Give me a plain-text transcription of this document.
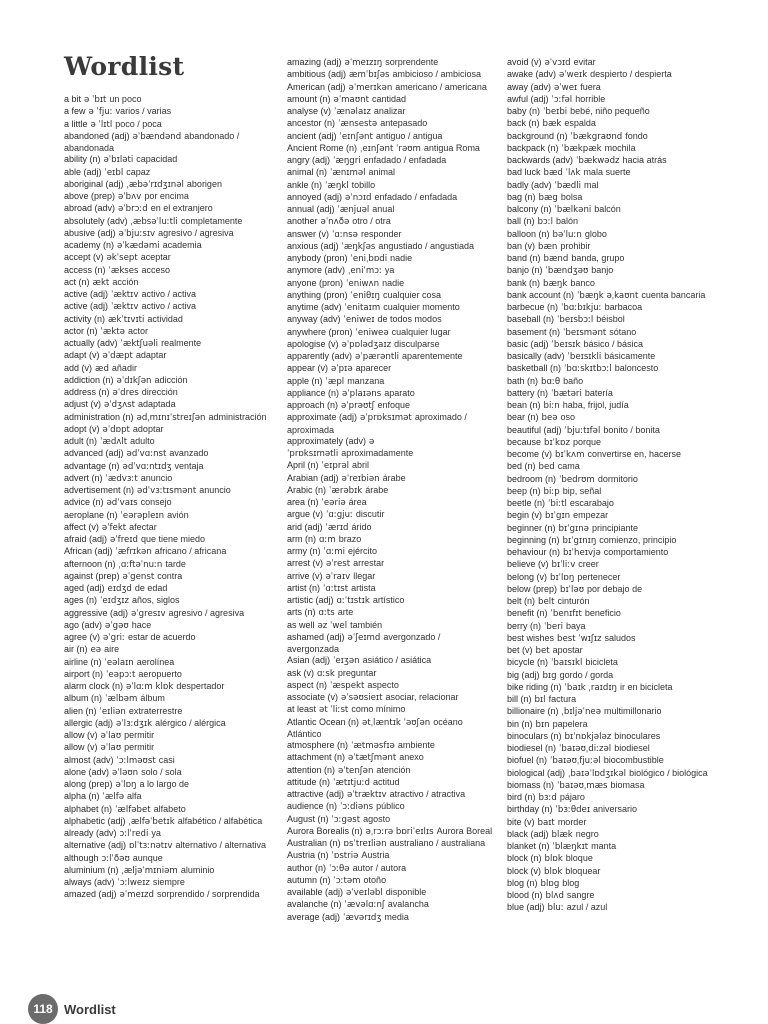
Wordlist
a bit ə ˈbɪt un poco
a few ə ˈfjuː varios / varias
a little ə ˈlɪtl poco / poca
abandoned (adj) əˈbændənd abandonado / abandonada
ability (n) əˈbɪləti capacidad
able (adj) ˈeɪbl capaz
aboriginal (adj) ˌæbəˈrɪdʒɪnəl aborigen
above (prep) əˈbʌv por encima
abroad (adv) əˈbrɔːd en el extranjero
absolutely (adv) ˌæbsəˈluːtli completamente
abusive (adj) əˈbjuːsɪv agresivo / agresiva
academy (n) əˈkædəmi academia
accept (v) əkˈsept aceptar
access (n) ˈækses acceso
act (n) ækt acción
active (adj) ˈæktɪv activo / activa
active (adj) ˈæktɪv activo / activa
activity (n) ækˈtɪvɪti actividad
actor (n) ˈæktə actor
actually (adv) ˈæktʃuəli realmente
adapt (v) əˈdæpt adaptar
add (v) æd añadir
addiction (n) əˈdɪkʃən adicción
address (n) əˈdres dirección
adjust (v) əˈdʒʌst adaptada
administration (n) ədˌmɪnɪˈstreɪʃən administración
adopt (v) əˈdɒpt adoptar
adult (n) ˈædʌlt adulto
advanced (adj) ədˈvɑːnst avanzado
advantage (n) ədˈvɑːntɪdʒ ventaja
advert (n) ˈædvɜːt anuncio
advertisement (n) ədˈvɜːtɪsmənt anuncio
advice (n) ədˈvaɪs consejo
aeroplane (n) ˈeərəpleɪn avión
affect (v) əˈfekt afectar
afraid (adj) əˈfreɪd que tiene miedo
African (adj) ˈæfrɪkən africano / africana
afternoon (n) ˌɑːftəˈnuːn tarde
against (prep) əˈgenst contra
aged (adj) eɪdʒd de edad
ages (n) ˈeɪdʒɪz años, siglos
aggressive (adj) əˈgresɪv agresivo / agresiva
ago (adv) əˈgəʊ hace
agree (v) əˈgriː estar de acuerdo
air (n) eə aire
airline (n) ˈeəlaɪn aerolínea
airport (n) ˈeəpɔːt aeropuerto
alarm clock (n) əˈlɑːm klɒk despertador
album (n) ˈælbəm álbum
alien (n) ˈeɪliən extraterrestre
allergic (adj) əˈlɜːdʒɪk alérgico / alérgica
allow (v) əˈlaʊ permitir
allow (v) əˈlaʊ permitir
almost (adv) ˈɔːlməʊst casi
alone (adv) əˈləʊn solo / sola
along (prep) əˈlɒŋ a lo largo de
alpha (n) ˈælfə alfa
alphabet (n) ˈælfəbet alfabeto
alphabetic (adj) ˌælfəˈbetɪk alfabético / alfabética
already (adv) ɔːlˈredi ya
alternative (adj) ɒlˈtɜːnətɪv alternativo / alternativa
although ɔːlˈðəʊ aunque
aluminium (n) ˌæljəˈmɪniəm aluminio
always (adv) ˈɔːlweɪz siempre
amazed (adj) əˈmeɪzd sorprendido / sorprendida
amazing (adj) əˈmeɪzɪŋ sorprendente
ambitious (adj) æmˈbɪʃəs ambicioso / ambiciosa
American (adj) əˈmerɪkən americano / americana
amount (n) əˈmaʊnt cantidad
analyse (v) ˈænəlaɪz analizar
ancestor (n) ˈænsestə antepasado
ancient (adj) ˈeɪnʃənt antiguo / antigua
Ancient Rome (n) ˌeɪnʃənt ˈrəʊm antigua Roma
angry (adj) ˈæŋgri enfadado / enfadada
animal (n) ˈænɪməl animal
ankle (n) ˈæŋkl tobillo
annoyed (adj) əˈnɔɪd enfadado / enfadada
annual (adj) ˈænjuəl anual
another əˈnʌðə otro / otra
answer (v) ˈɑːnsə responder
anxious (adj) ˈæŋkʃəs angustiado / angustiada
anybody (pron) ˈeniˌbɒdi nadie
anymore (adv) ˌeniˈmɔː ya
anyone (pron) ˈeniwʌn nadie
anything (pron) ˈeniθɪŋ cualquier cosa
anytime (adv) ˈenitaɪm cualquier momento
anyway (adv) ˈeniweɪ de todos modos
anywhere (pron) ˈeniweə cualquier lugar
apologise (v) əˈpɒlədʒaɪz disculparse
apparently (adv) əˈpærəntli aparentemente
appear (v) əˈpɪə aparecer
apple (n) ˈæpl manzana
appliance (n) əˈplaɪəns aparato
approach (n) əˈprəʊtʃ enfoque
approximate (adj) əˈprɒksɪmət aproximado / aproximada
approximately (adv) əˈprɒksɪmətli aproximadamente
April (n) ˈeɪprəl abril
Arabian (adj) əˈreɪbiən árabe
Arabic (n) ˈærəbɪk árabe
area (n) ˈeəriə área
argue (v) ˈɑːgjuː discutir
arid (adj) ˈærɪd árido
arm (n) ɑːm brazo
army (n) ˈɑːmi ejército
arrest (v) əˈrest arrestar
arrive (v) əˈraɪv llegar
artist (n) ˈɑːtɪst artista
artistic (adj) ɑːˈtɪstɪk artístico
arts (n) ɑːts arte
as well əz ˈwel también
ashamed (adj) əˈʃeɪmd avergonzado / avergonzada
Asian (adj) ˈeɪʒən asiático / asiática
ask (v) ɑːsk preguntar
aspect (n) ˈæspekt aspecto
associate (v) əˈsəʊsieɪt asociar, relacionar
at least ət ˈliːst como mínimo
Atlantic Ocean (n) ətˌlæntɪk ˈəʊʃən océano Atlántico
atmosphere (n) ˈætməsfɪə ambiente
attachment (n) əˈtætʃmənt anexo
attention (n) əˈtenʃən atención
attitude (n) ˈætɪtjuːd actitud
attractive (adj) əˈtræktɪv atractivo / atractiva
audience (n) ˈɔːdiəns público
August (n) ˈɔːgəst agosto
Aurora Borealis (n) əˌrɔːrə bɒriˈeɪlɪs Aurora Boreal
Australian (n) ɒsˈtreɪliən australiano / australiana
Austria (n) ˈɒstriə Austria
author (n) ˈɔːθə autor / autora
autumn (n) ˈɔːtəm otoño
available (adj) əˈveɪləbl disponible
avalanche (n) ˈævəlɑːnʃ avalancha
average (adj) ˈævərɪdʒ media
avoid (v) əˈvɔɪd evitar
awake (adv) əˈweɪk despierto / despierta
away (adv) əˈweɪ fuera
awful (adj) ˈɔːfəl horrible
baby (n) ˈbeɪbi bebé, niño pequeño
back (n) bæk espalda
background (n) ˈbækgraʊnd fondo
backpack (n) ˈbækpæk mochila
backwards (adv) ˈbækwədz hacia atrás
bad luck bæd ˈlʌk mala suerte
badly (adv) ˈbædli mal
bag (n) bæg bolsa
balcony (n) ˈbælkəni balcón
ball (n) bɔːl balón
balloon (n) bəˈluːn globo
ban (v) bæn prohibir
band (n) bænd banda, grupo
banjo (n) ˈbændʒəʊ banjo
bank (n) bæŋk banco
bank account (n) ˈbæŋk əˌkaʊnt cuenta bancaria
barbecue (n) ˈbɑːbɪkjuː barbacoa
baseball (n) ˈbeɪsbɔːl béisbol
basement (n) ˈbeɪsmənt sótano
basic (adj) ˈbeɪsɪk básico / básica
basically (adv) ˈbeɪsɪkli básicamente
basketball (n) ˈbɑːskɪtbɔːl baloncesto
bath (n) bɑːθ baño
battery (n) ˈbætəri batería
bean (n) biːn haba, frijol, judía
bear (n) beə oso
beautiful (adj) ˈbjuːtɪfəl bonito / bonita
because bɪˈkɒz porque
become (v) bɪˈkʌm convertirse en, hacerse
bed (n) bed cama
bedroom (n) ˈbedrʊm dormitorio
beep (n) biːp bip, señal
beetle (n) ˈbiːtl escarabajo
begin (v) bɪˈgɪn empezar
beginner (n) bɪˈgɪnə principiante
beginning (n) bɪˈgɪnɪŋ comienzo, principio
behaviour (n) bɪˈheɪvjə comportamiento
believe (v) bɪˈliːv creer
belong (v) bɪˈlɒŋ pertenecer
below (prep) bɪˈləʊ por debajo de
belt (n) belt cinturón
benefit (n) ˈbenɪfɪt beneficio
berry (n) ˈberi baya
best wishes best ˈwɪʃɪz saludos
bet (v) bet apostar
bicycle (n) ˈbaɪsɪkl bicicleta
big (adj) bɪg gordo / gorda
bike riding (n) ˈbaɪk ˌraɪdɪŋ ir en bicicleta
bill (n) bɪl factura
billionaire (n) ˌbɪljəˈneə multimillonario
bin (n) bɪn papelera
binoculars (n) bɪˈnɒkjələz binoculares
biodiesel (n) ˈbaɪəʊˌdiːzəl biodiesel
biofuel (n) ˈbaɪəʊˌfjuːəl biocombustible
biological (adj) ˌbaɪəˈlɒdʒɪkəl biológico / biológica
biomass (n) ˈbaɪəʊˌmæs biomasa
bird (n) bɜːd pájaro
birthday (n) ˈbɜːθdeɪ aniversario
bite (v) baɪt morder
black (adj) blæk negro
blanket (n) ˈblæŋkɪt manta
block (n) blɒk bloque
block (v) blɒk bloquear
blog (n) blɒg blog
blood (n) blʌd sangre
blue (adj) bluː azul / azul
118 Wordlist
